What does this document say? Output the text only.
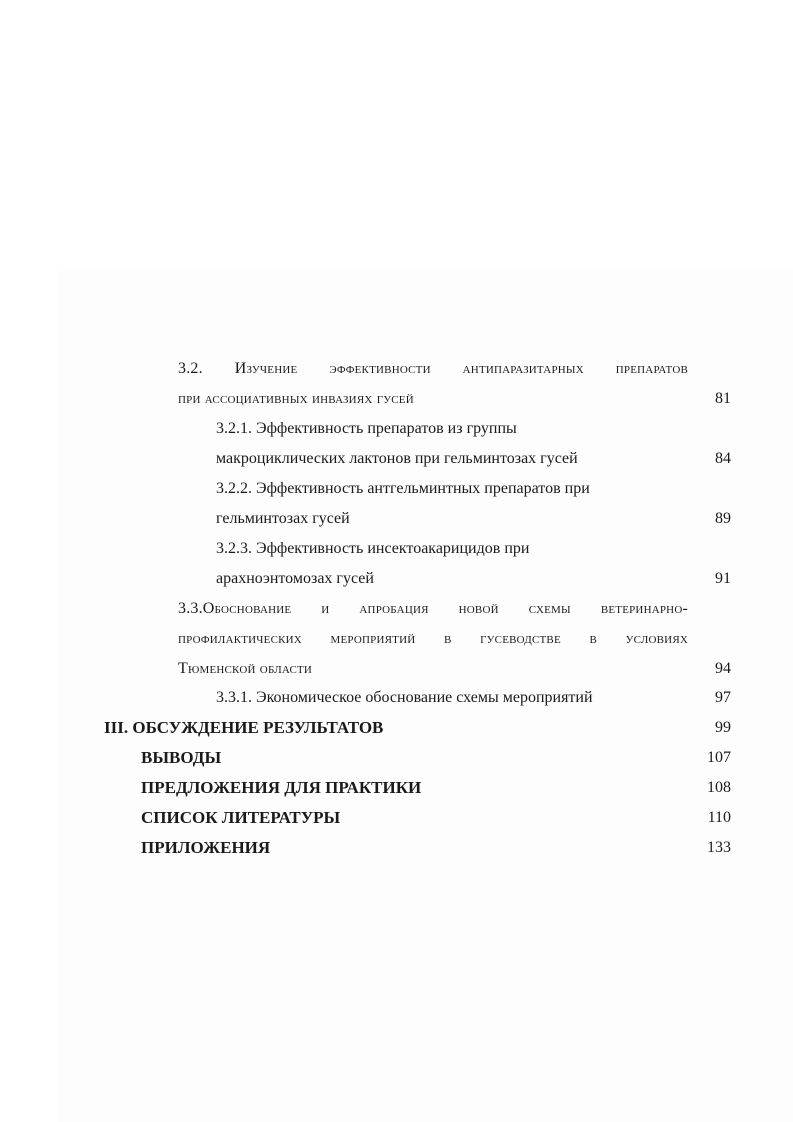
3.2. Изучение эффективности антипаразитарных препаратов
при ассоциативных инвазиях гусей	81
3.2.1. Эффективность препаратов из группы
макроциклических лактонов при гельминтозах гусей	84
3.2.2. Эффективность антгельминтных препаратов при
гельминтозах гусей	89
3.2.3. Эффективность инсектоакарицидов при
арахноэнтомозах гусей	91
3.3.Обоснование и апробация новой схемы ветеринарно-
профилактических мероприятий в гусеводстве в условиях
Тюменской области	94
3.3.1. Экономическое обоснование схемы мероприятий	97
III. ОБСУЖДЕНИЕ РЕЗУЛЬТАТОВ	99
ВЫВОДЫ	107
ПРЕДЛОЖЕНИЯ ДЛЯ ПРАКТИКИ	108
СПИСОК ЛИТЕРАТУРЫ	110
ПРИЛОЖЕНИЯ	133
